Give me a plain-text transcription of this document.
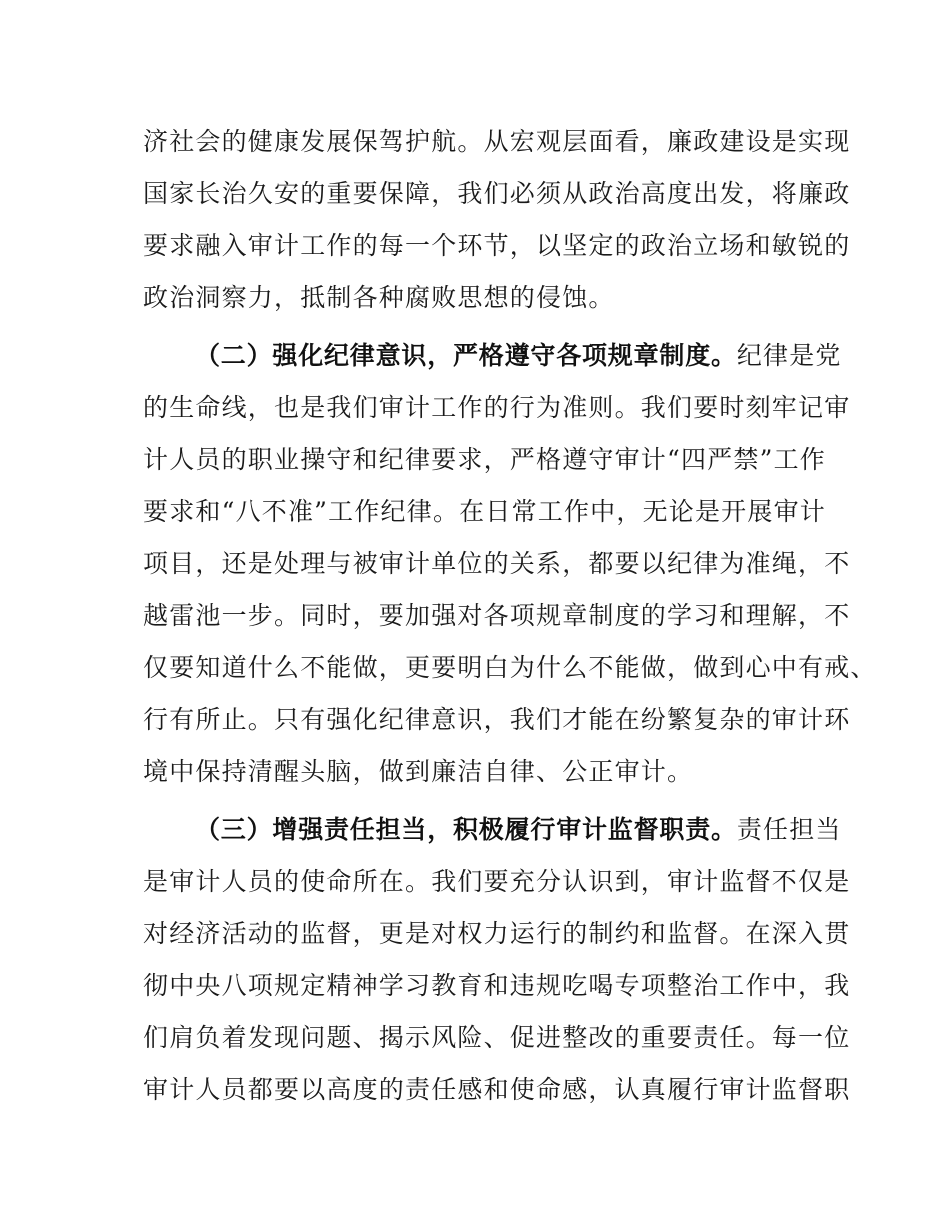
济社会的健康发展保驾护航。从宏观层面看，廉政建设是实现
国家长治久安的重要保障，我们必须从政治高度出发，将廉政
要求融入审计工作的每一个环节，以坚定的政治立场和敏锐的
政治洞察力，抵制各种腐败思想的侵蚀。
（二）强化纪律意识，严格遵守各项规章制度。纪律是党
的生命线，也是我们审计工作的行为准则。我们要时刻牢记审
计人员的职业操守和纪律要求，严格遵守审计“四严禁”工作
要求和“八不准”工作纪律。在日常工作中，无论是开展审计
项目，还是处理与被审计单位的关系，都要以纪律为准绳，不
越雷池一步。同时，要加强对各项规章制度的学习和理解，不
仅要知道什么不能做，更要明白为什么不能做，做到心中有戒、
行有所止。只有强化纪律意识，我们才能在纷繁复杂的审计环
境中保持清醒头脑，做到廉洁自律、公正审计。
（三）增强责任担当，积极履行审计监督职责。责任担当
是审计人员的使命所在。我们要充分认识到，审计监督不仅是
对经济活动的监督，更是对权力运行的制约和监督。在深入贯
彻中央八项规定精神学习教育和违规吃喝专项整治工作中，我
们肩负着发现问题、揭示风险、促进整改的重要责任。每一位
审计人员都要以高度的责任感和使命感，认真履行审计监督职
